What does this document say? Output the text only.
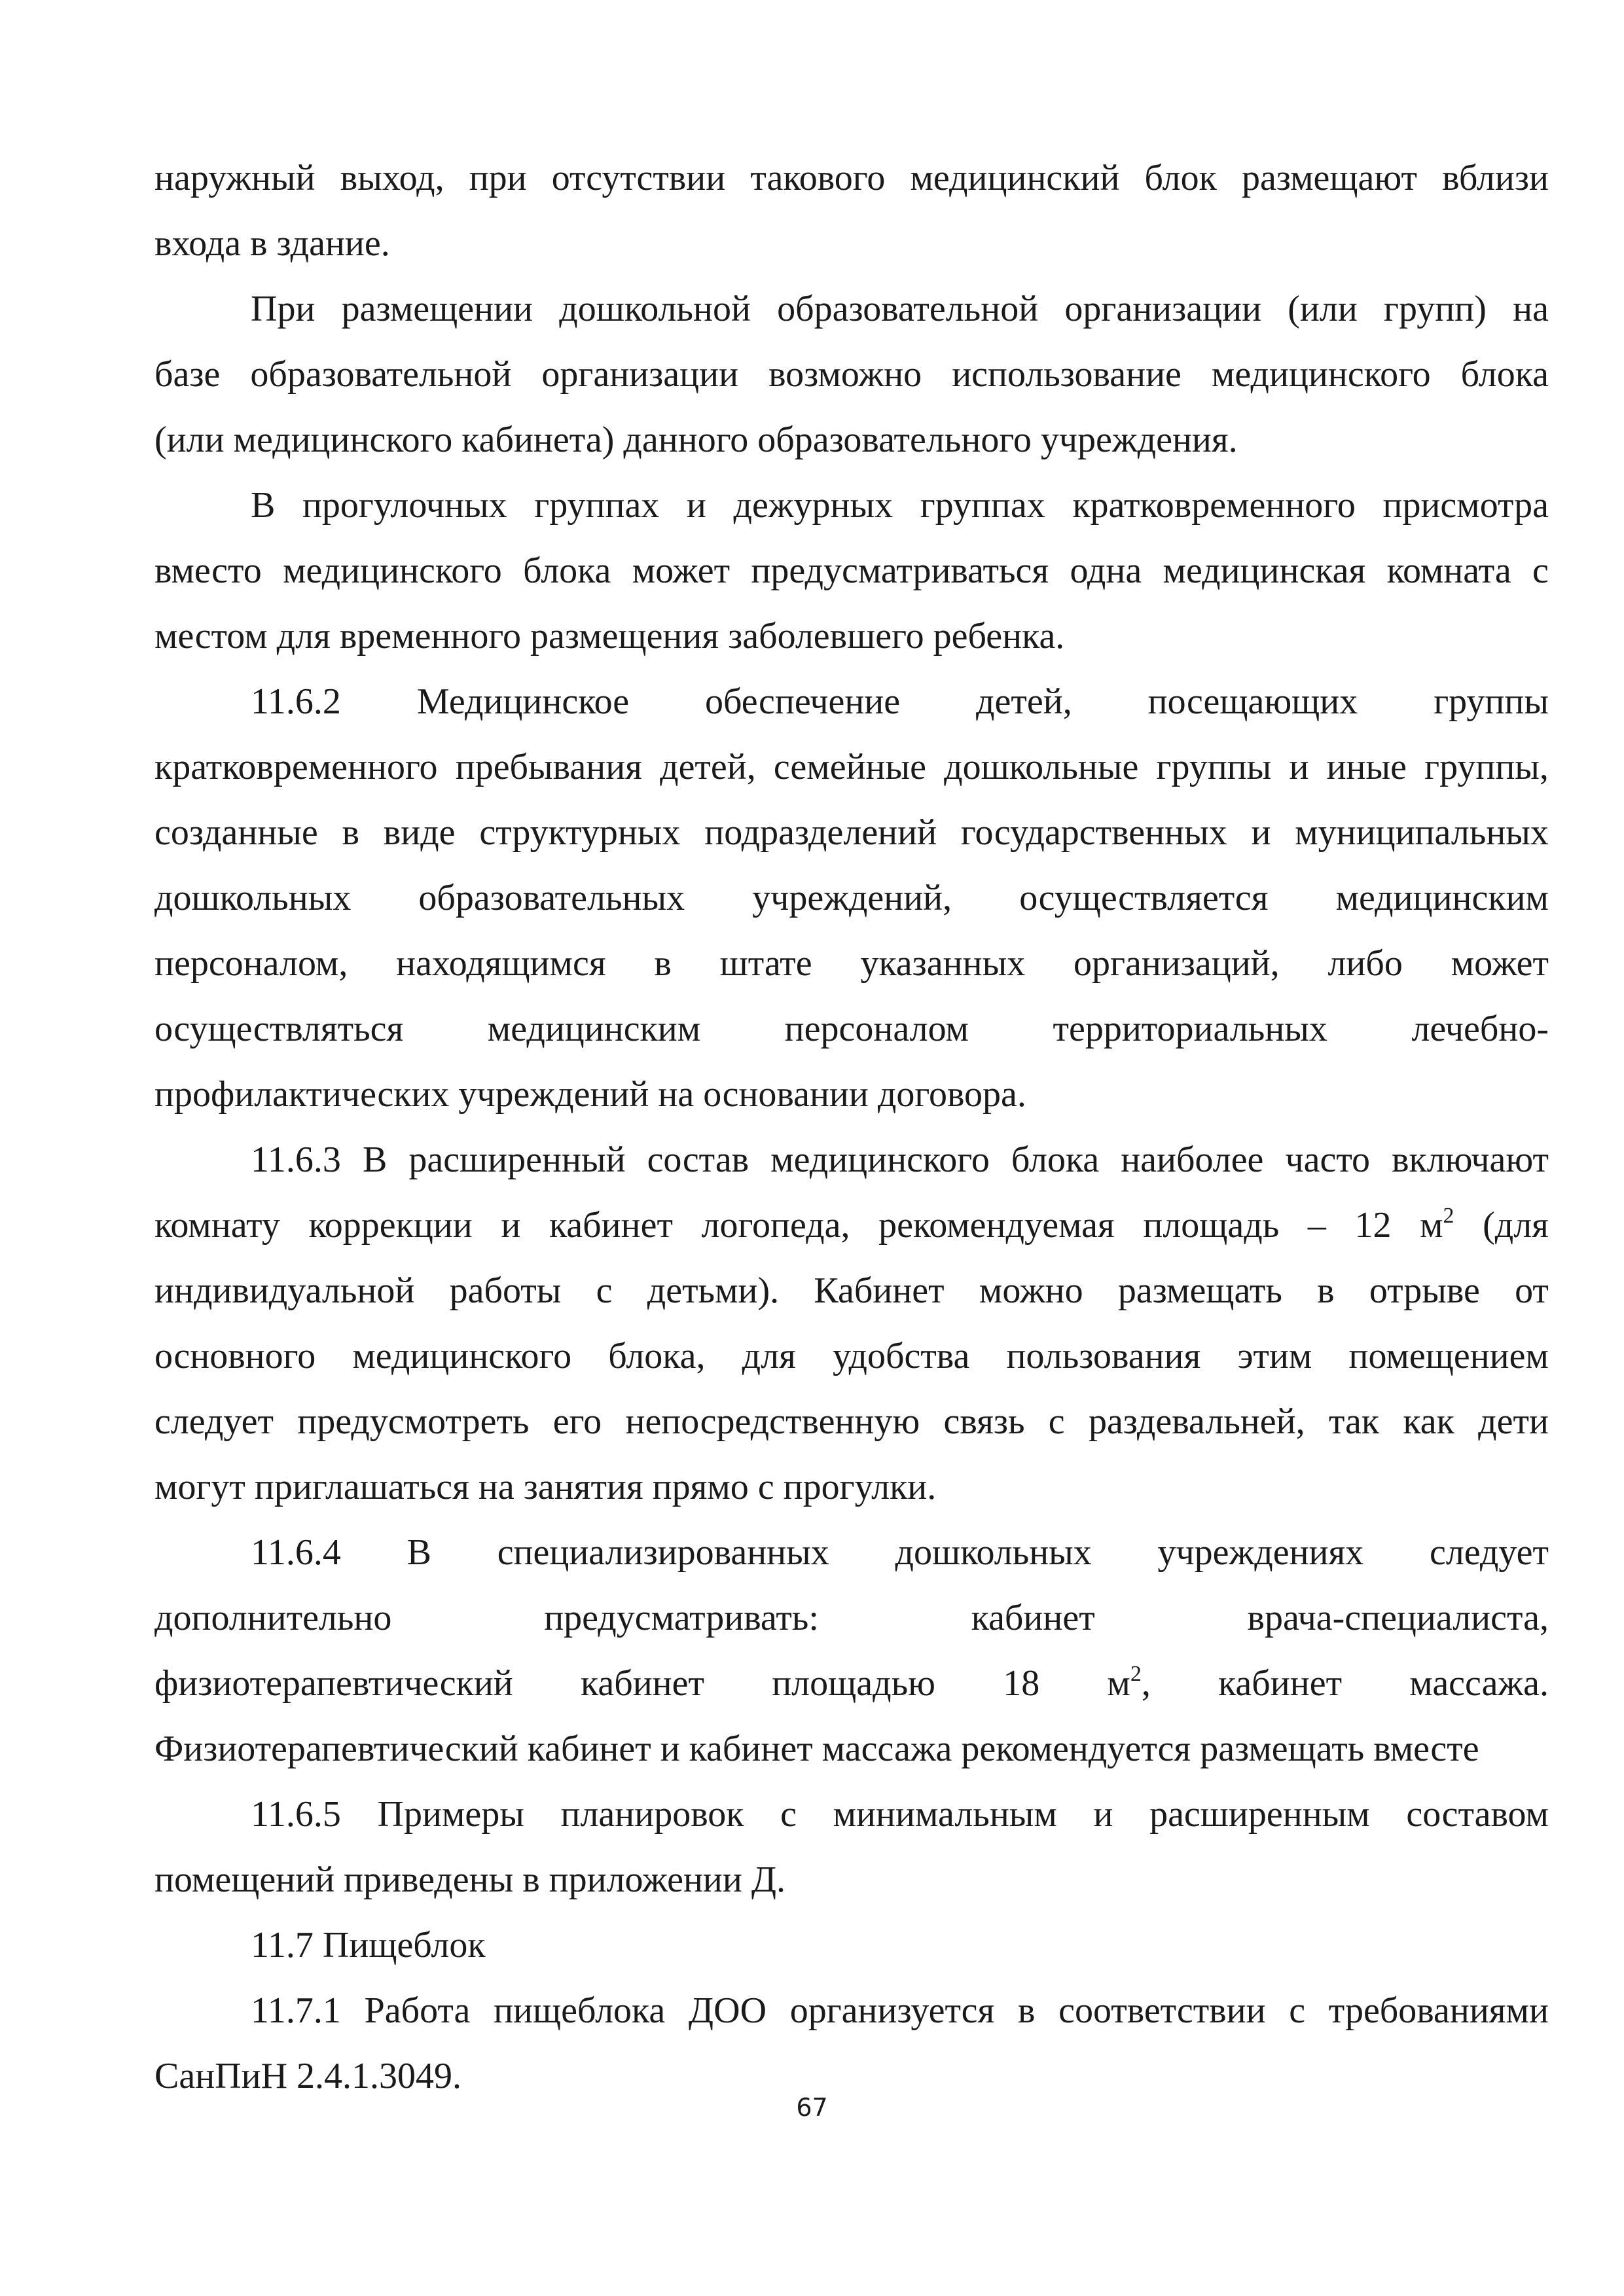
наружный выход, при отсутствии такового медицинский блок размещают вблизи
входа в здание.
При размещении дошкольной образовательной организации (или групп) на
базе образовательной организации возможно использование медицинского блока
(или медицинского кабинета) данного образовательного учреждения.
В прогулочных группах и дежурных группах кратковременного присмотра
вместо медицинского блока может предусматриваться одна медицинская комната с
местом для временного размещения заболевшего ребенка.
11.6.2 Медицинское обеспечение детей, посещающих группы
кратковременного пребывания детей, семейные дошкольные группы и иные группы,
созданные в виде структурных подразделений государственных и муниципальных
дошкольных образовательных учреждений, осуществляется медицинским
персоналом, находящимся в штате указанных организаций, либо может
осуществляться медицинским персоналом территориальных лечебно-
профилактических учреждений на основании договора.
11.6.3 В расширенный состав медицинского блока наиболее часто включают
комнату коррекции и кабинет логопеда, рекомендуемая площадь – 12 $м^2$ (для
индивидуальной работы с детьми). Кабинет можно размещать в отрыве от
основного медицинского блока, для удобства пользования этим помещением
следует предусмотреть его непосредственную связь с раздевальней, так как дети
могут приглашаться на занятия прямо с прогулки.
11.6.4 В специализированных дошкольных учреждениях следует
дополнительно	предусматривать:	кабинет	врача-специалиста,
физиотерапевтический кабинет площадью 18 $м^2$, кабинет массажа.
Физиотерапевтический кабинет и кабинет массажа рекомендуется размещать вместе
11.6.5 Примеры планировок с минимальным и расширенным составом
помещений приведены в приложении Д.
11.7 Пищеблок
11.7.1 Работа пищеблока ДОО организуется в соответствии с требованиями
СанПиН 2.4.1.3049.
67
